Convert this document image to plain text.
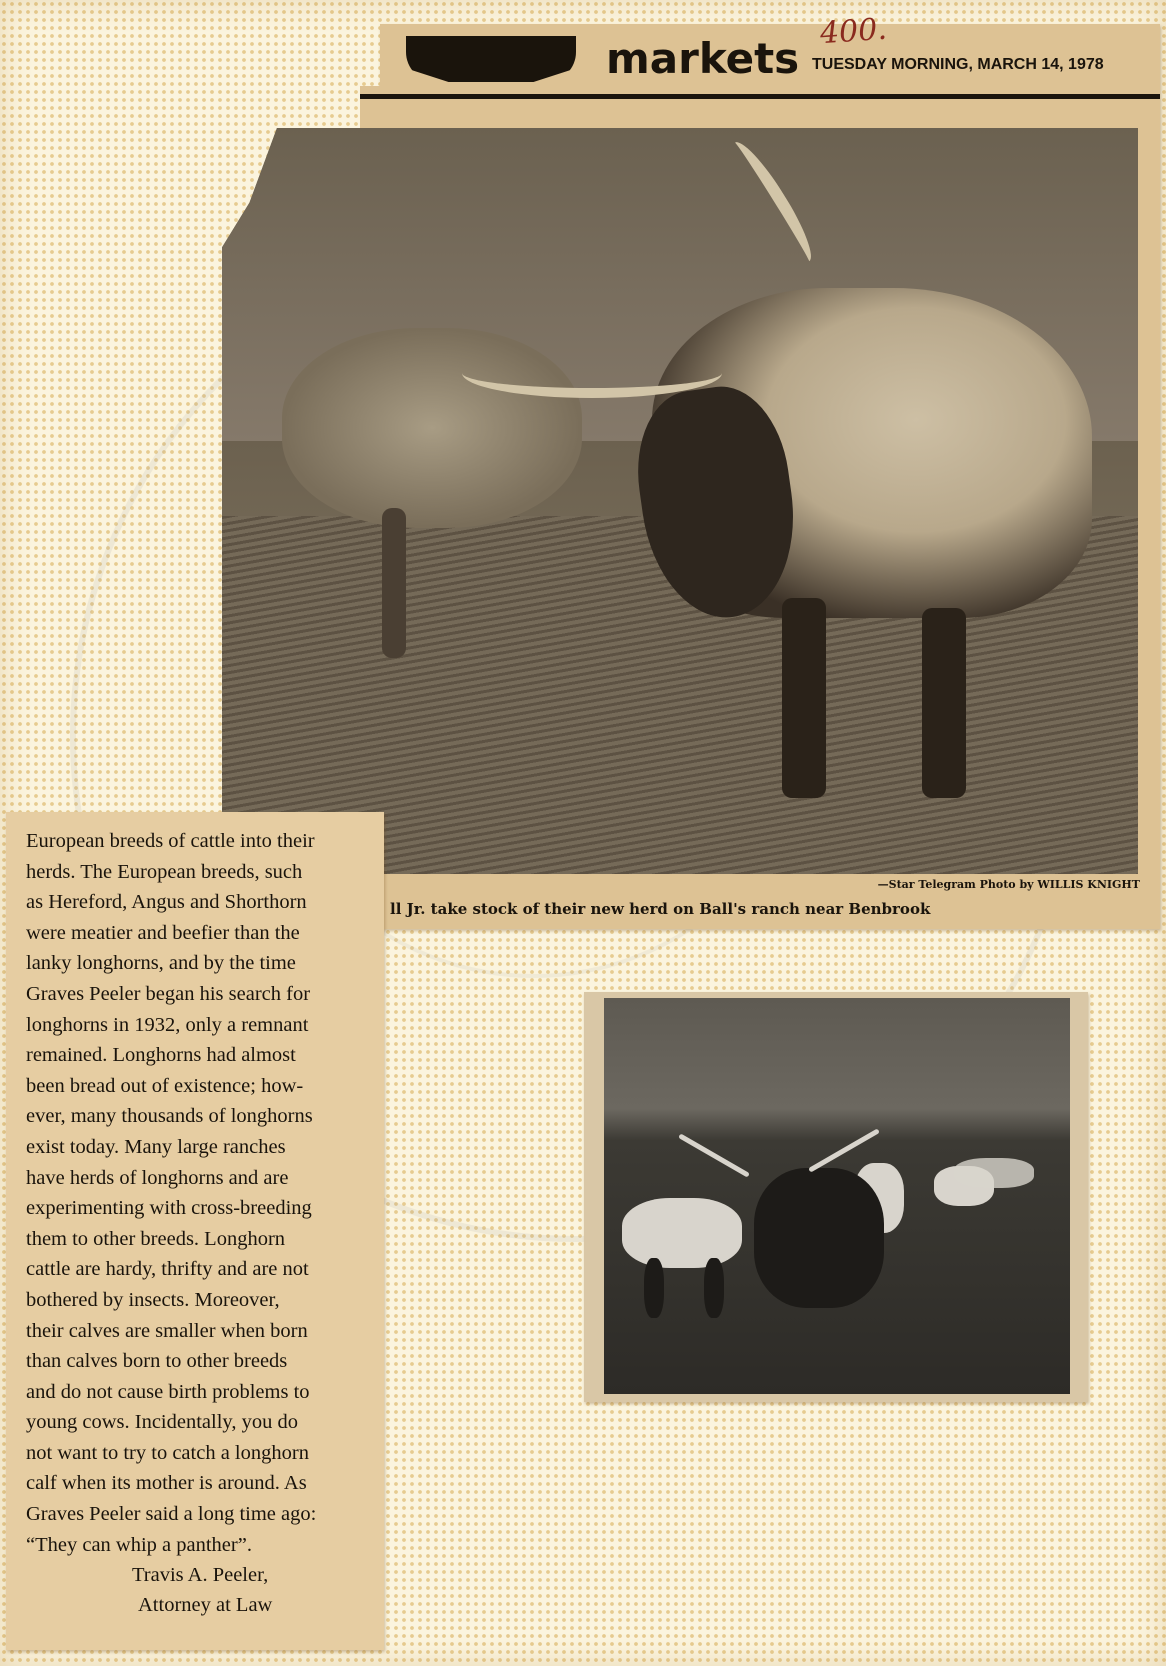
400.
markets TUESDAY MORNING, MARCH 14, 1978
—Star Telegram Photo by WILLIS KNIGHT
ll Jr. take stock of their new herd on Ball's ranch near Benbrook
European breeds of cattle into their
herds. The European breeds, such
as Hereford, Angus and Shorthorn
were meatier and beefier than the
lanky longhorns, and by the time
Graves Peeler began his search for
longhorns in 1932, only a remnant
remained. Longhorns had almost
been bread out of existence; how-
ever, many thousands of longhorns
exist today. Many large ranches
have herds of longhorns and are
experimenting with cross-breeding
them to other breeds. Longhorn
cattle are hardy, thrifty and are not
bothered by insects. Moreover,
their calves are smaller when born
than calves born to other breeds
and do not cause birth problems to
young cows. Incidentally, you do
not want to try to catch a longhorn
calf when its mother is around. As
Graves Peeler said a long time ago:
“They can whip a panther”.
Travis A. Peeler,
Attorney at Law
